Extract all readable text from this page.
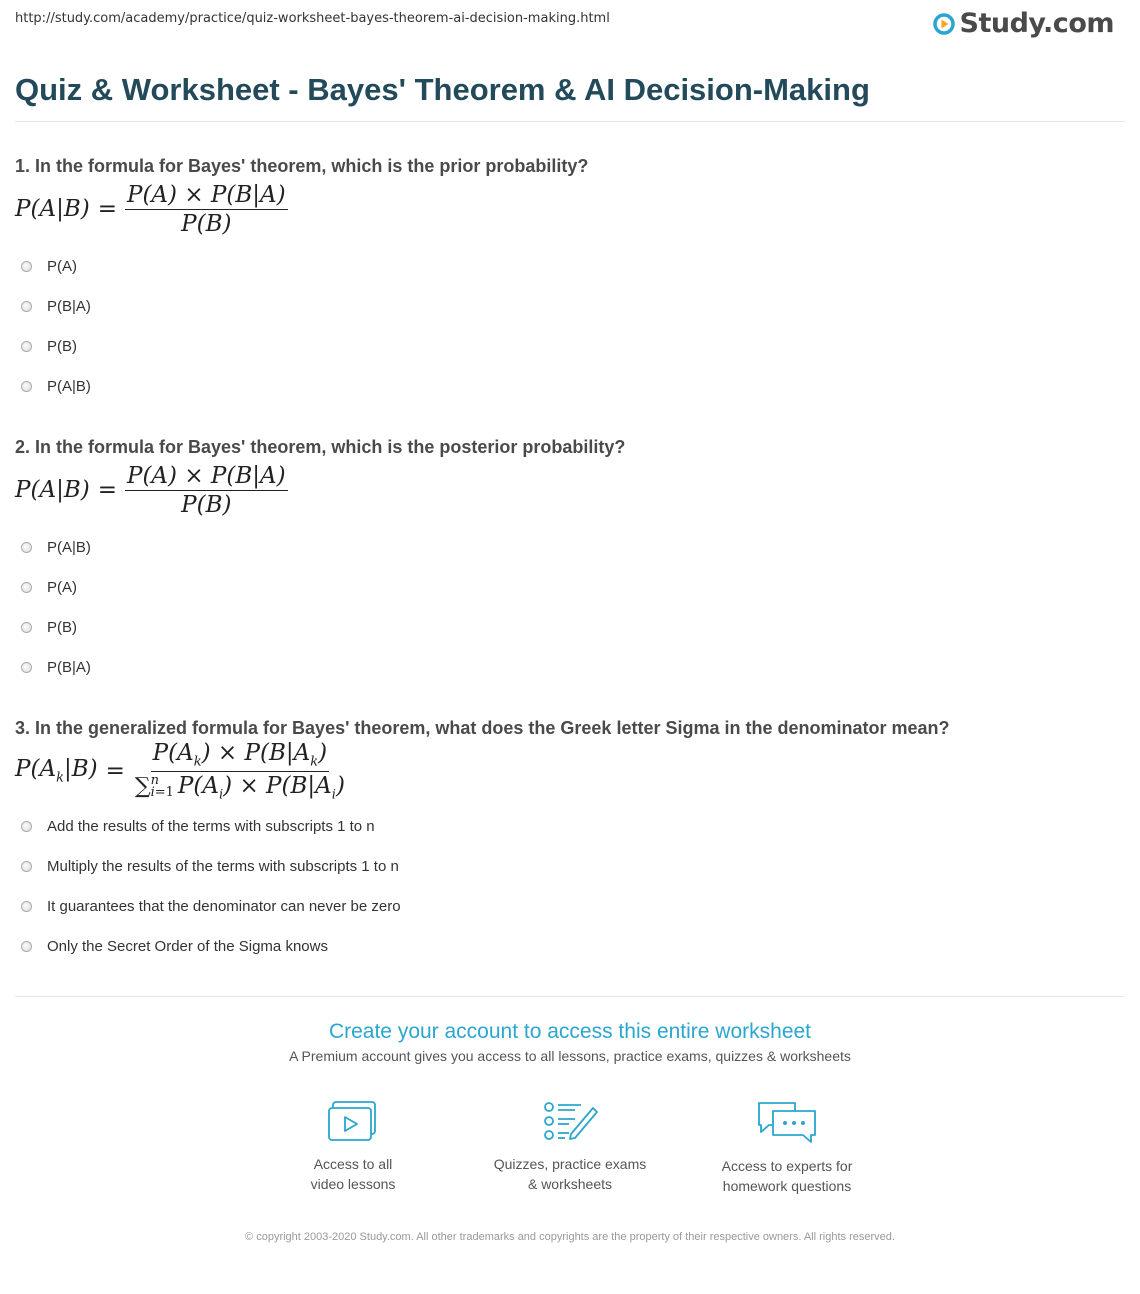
http://study.com/academy/practice/quiz-worksheet-bayes-theorem-ai-decision-making.html	Study.com
Quiz & Worksheet - Bayes' Theorem & AI Decision-Making

1. In the formula for Bayes' theorem, which is the prior probability?

$P(A|B) = \frac{P(A) \times P(B|A)}{P(B)}$
P(A)
P(B|A)
P(B)
P(A|B)

2. In the formula for Bayes' theorem, which is the posterior probability?

$P(A|B) = \frac{P(A) \times P(B|A)}{P(B)}$
P(A|B)
P(A)
P(B)
P(B|A)

3. In the generalized formula for Bayes' theorem, what does the Greek letter Sigma in the denominator mean?

$P(A_k|B) = P(A_k) \times P(B|A_k)$
∑ n
i=1 $P(A_i) \times P(B|A_i)$
Add the results of the terms with subscripts 1 to n
Multiply the results of the terms with subscripts 1 to n
It guarantees that the denominator can never be zero
Only the Secret Order of the Sigma knows
Create your account to access this entire worksheet
A Premium account gives you access to all lessons, practice exams, quizzes & worksheets
Access to all
video lessons
Quizzes, practice exams
& worksheets
Access to experts for
homework questions
© copyright 2003-2020 Study.com. All other trademarks and copyrights are the property of their respective owners. All rights reserved.
